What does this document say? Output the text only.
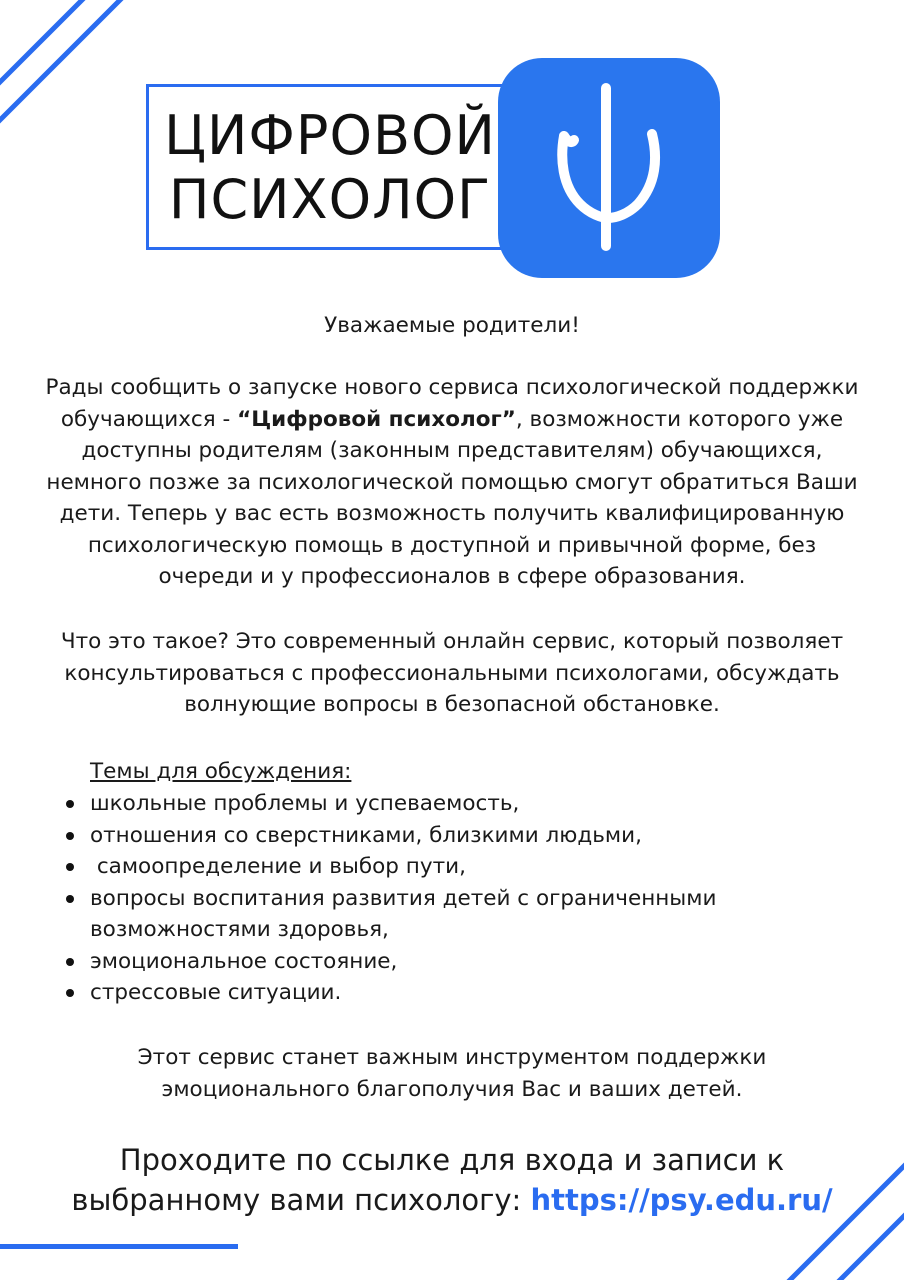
ЦИФРОВОЙ
ПСИХОЛОГ
Уважаемые родители!
Рады сообщить о запуске нового сервиса психологической поддержки обучающихся - “Цифровой психолог”, возможности которого уже доступны родителям (законным представителям) обучающихся, немного позже за психологической помощью смогут обратиться Ваши дети. Теперь у вас есть возможность получить квалифицированную психологическую помощь в доступной и привычной форме, без очереди и у профессионалов в сфере образования.
Что это такое? Это современный онлайн сервис, который позволяет консультироваться с профессиональными психологами, обсуждать волнующие вопросы в безопасной обстановке.
Темы для обсуждения:
школьные проблемы и успеваемость,
отношения со сверстниками, близкими людьми,
самоопределение и выбор пути,
вопросы воспитания развития детей с ограниченными возможностями здоровья,
эмоциональное состояние,
стрессовые ситуации.
Этот сервис станет важным инструментом поддержки эмоционального благополучия Вас и ваших детей.
Проходите по ссылке для входа и записи к выбранному вами психологу: https://psy.edu.ru/
